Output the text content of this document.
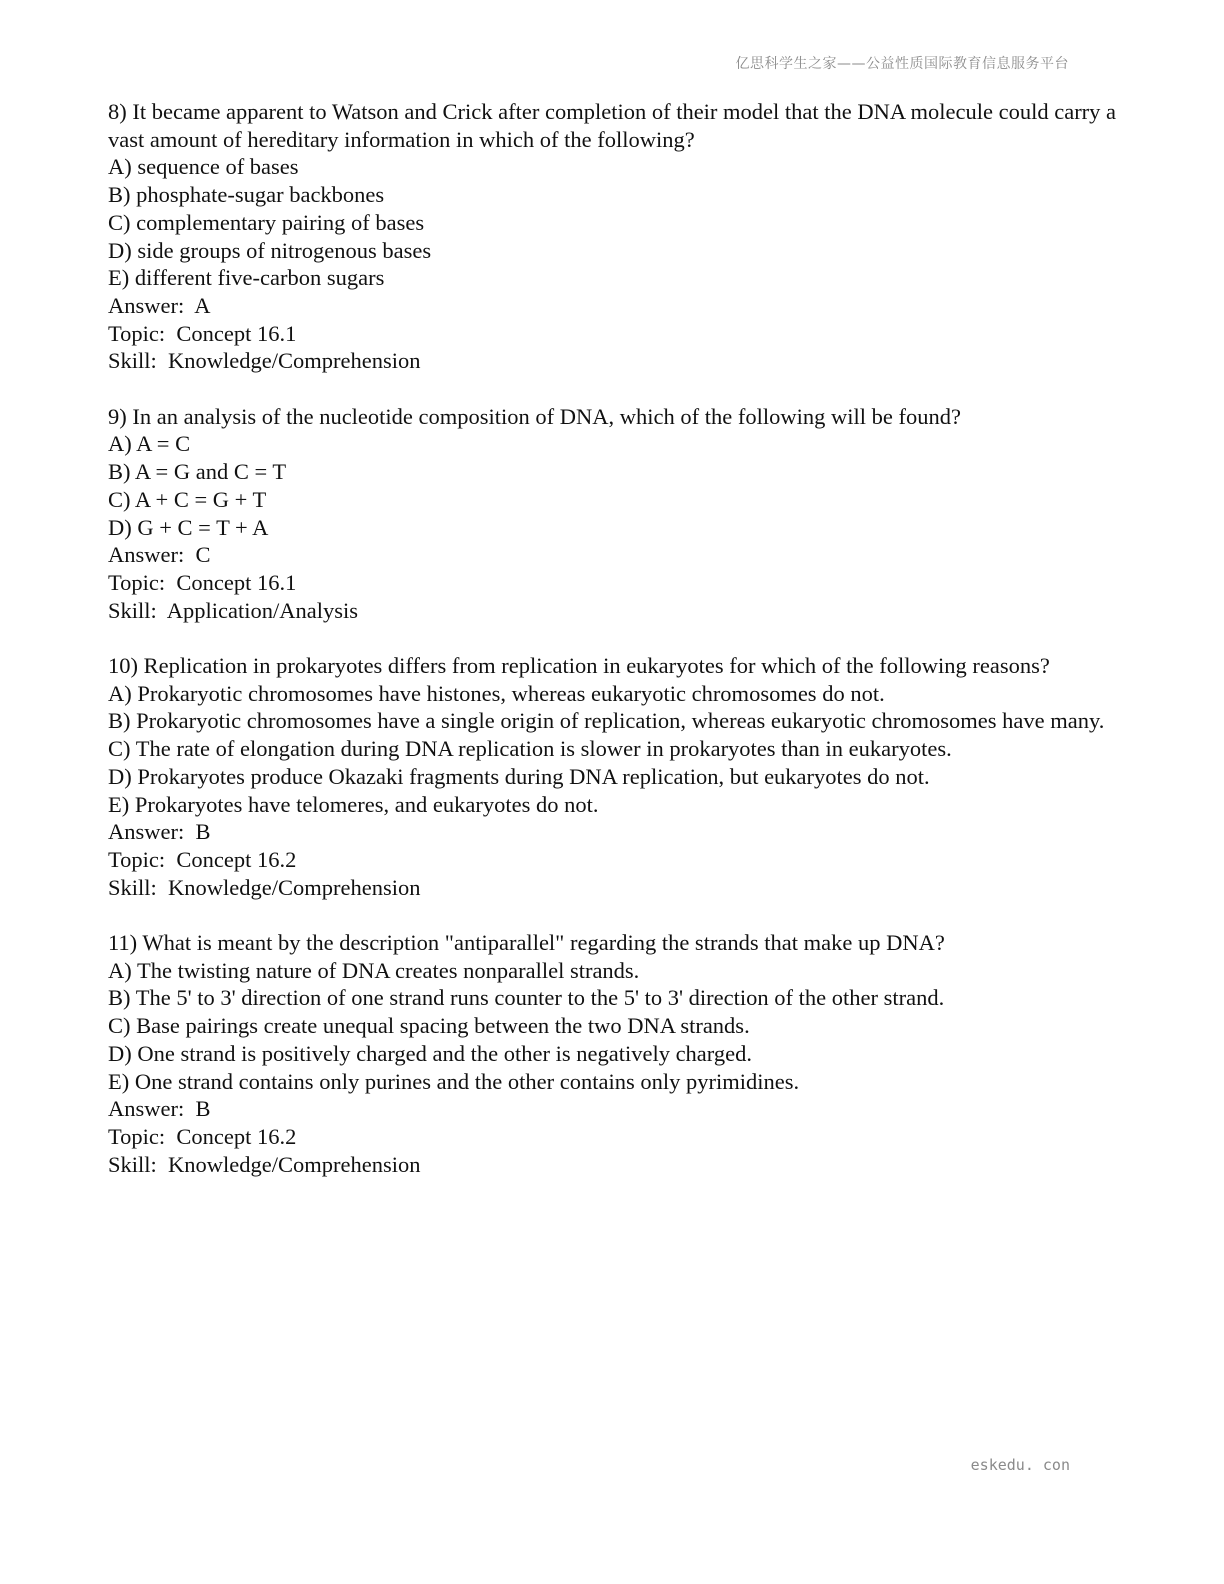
亿思科学生之家——公益性质国际教育信息服务平台
8) It became apparent to Watson and Crick after completion of their model that the DNA molecule could carry a vast amount of hereditary information in which of the following?
A) sequence of bases
B) phosphate-sugar backbones
C) complementary pairing of bases
D) side groups of nitrogenous bases
E) different five-carbon sugars
Answer:  A
Topic:  Concept 16.1
Skill:  Knowledge/Comprehension
9) In an analysis of the nucleotide composition of DNA, which of the following will be found?
A) A = C
B) A = G and C = T
C) A + C = G + T
D) G + C = T + A
Answer:  C
Topic:  Concept 16.1
Skill:  Application/Analysis
10) Replication in prokaryotes differs from replication in eukaryotes for which of the following reasons?
A) Prokaryotic chromosomes have histones, whereas eukaryotic chromosomes do not.
B) Prokaryotic chromosomes have a single origin of replication, whereas eukaryotic chromosomes have many.
C) The rate of elongation during DNA replication is slower in prokaryotes than in eukaryotes.
D) Prokaryotes produce Okazaki fragments during DNA replication, but eukaryotes do not.
E) Prokaryotes have telomeres, and eukaryotes do not.
Answer:  B
Topic:  Concept 16.2
Skill:  Knowledge/Comprehension
11) What is meant by the description "antiparallel" regarding the strands that make up DNA?
A) The twisting nature of DNA creates nonparallel strands.
B) The 5' to 3' direction of one strand runs counter to the 5' to 3' direction of the other strand.
C) Base pairings create unequal spacing between the two DNA strands.
D) One strand is positively charged and the other is negatively charged.
E) One strand contains only purines and the other contains only pyrimidines.
Answer:  B
Topic:  Concept 16.2
Skill:  Knowledge/Comprehension
eskedu. con
